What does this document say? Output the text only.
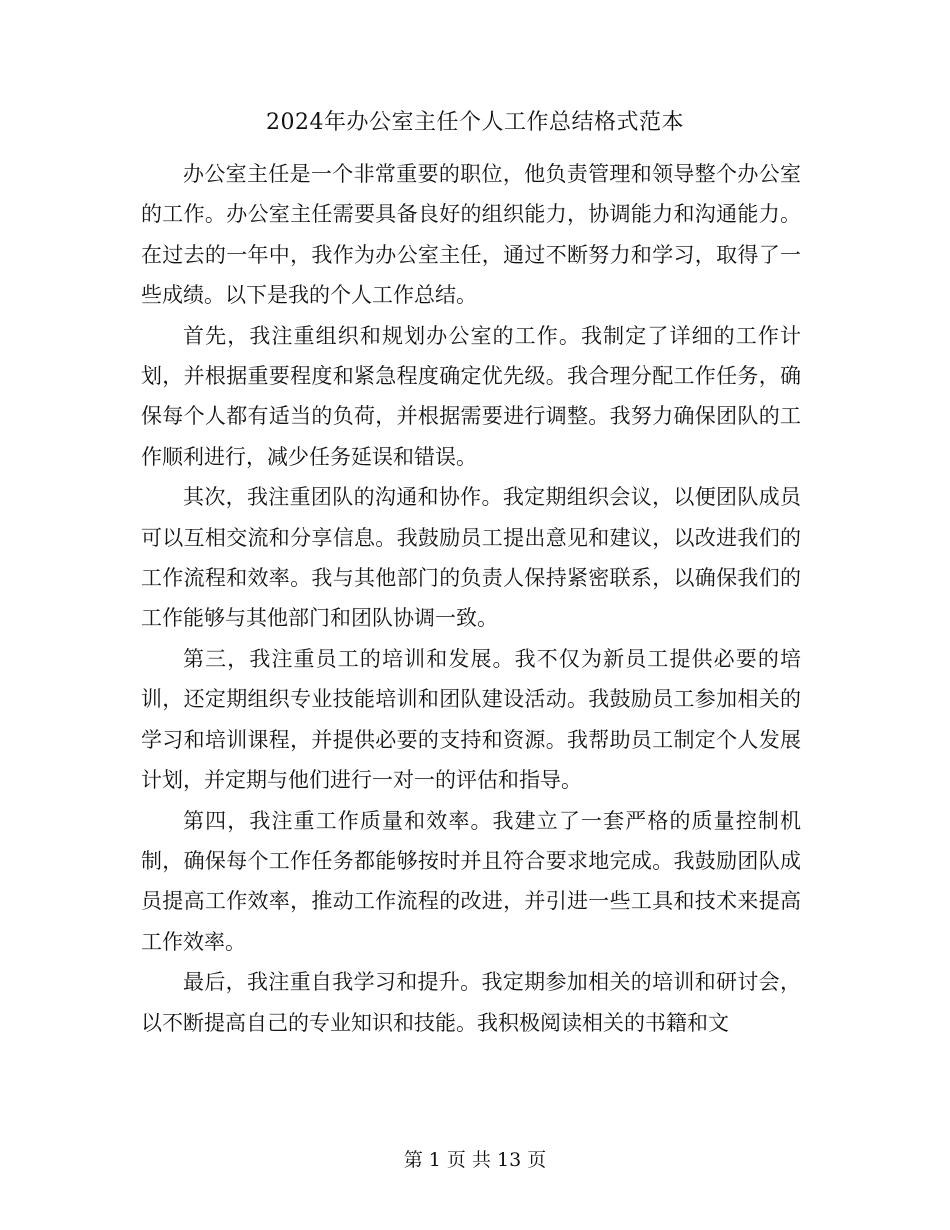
2024年办公室主任个人工作总结格式范本

办公室主任是一个非常重要的职位，他负责管理和领导整个办公室的工作。办公室主任需要具备良好的组织能力，协调能力和沟通能力。在过去的一年中，我作为办公室主任，通过不断努力和学习，取得了一些成绩。以下是我的个人工作总结。

首先，我注重组织和规划办公室的工作。我制定了详细的工作计划，并根据重要程度和紧急程度确定优先级。我合理分配工作任务，确保每个人都有适当的负荷，并根据需要进行调整。我努力确保团队的工作顺利进行，减少任务延误和错误。

其次，我注重团队的沟通和协作。我定期组织会议，以便团队成员可以互相交流和分享信息。我鼓励员工提出意见和建议，以改进我们的工作流程和效率。我与其他部门的负责人保持紧密联系，以确保我们的工作能够与其他部门和团队协调一致。

第三，我注重员工的培训和发展。我不仅为新员工提供必要的培训，还定期组织专业技能培训和团队建设活动。我鼓励员工参加相关的学习和培训课程，并提供必要的支持和资源。我帮助员工制定个人发展计划，并定期与他们进行一对一的评估和指导。

第四，我注重工作质量和效率。我建立了一套严格的质量控制机制，确保每个工作任务都能够按时并且符合要求地完成。我鼓励团队成员提高工作效率，推动工作流程的改进，并引进一些工具和技术来提高工作效率。

最后，我注重自我学习和提升。我定期参加相关的培训和研讨会，以不断提高自己的专业知识和技能。我积极阅读相关的书籍和文

第 1 页 共 13 页
